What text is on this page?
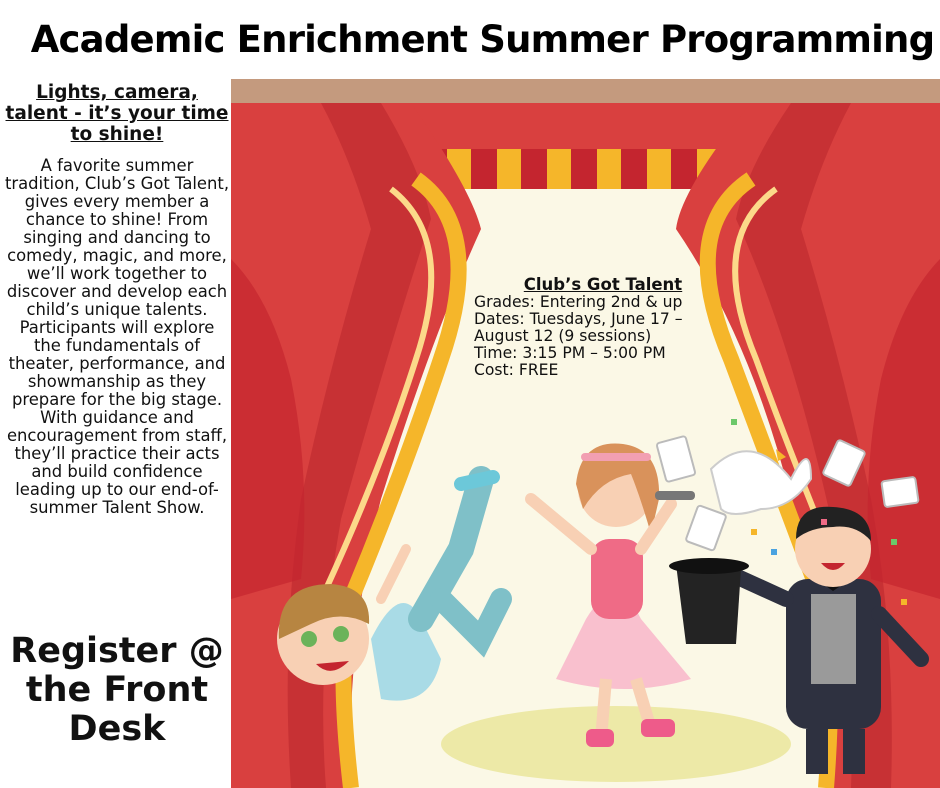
Academic Enrichment Summer Programming

Lights, camera, talent - it’s your time to shine!

A favorite summer tradition, Club’s Got Talent, gives every member a chance to shine! From singing and dancing to comedy, magic, and more, we’ll work together to discover and develop each child’s unique talents. Participants will explore the fundamentals of theater, performance, and showmanship as they prepare for the big stage. With guidance and encouragement from staff, they’ll practice their acts and build confidence leading up to our end-of-summer Talent Show.

Register @ the Front Desk

Club’s Got Talent
Grades: Entering 2nd & up
Dates: Tuesdays, June 17 – August 12 (9 sessions)
Time: 3:15 PM – 5:00 PM
Cost: FREE
